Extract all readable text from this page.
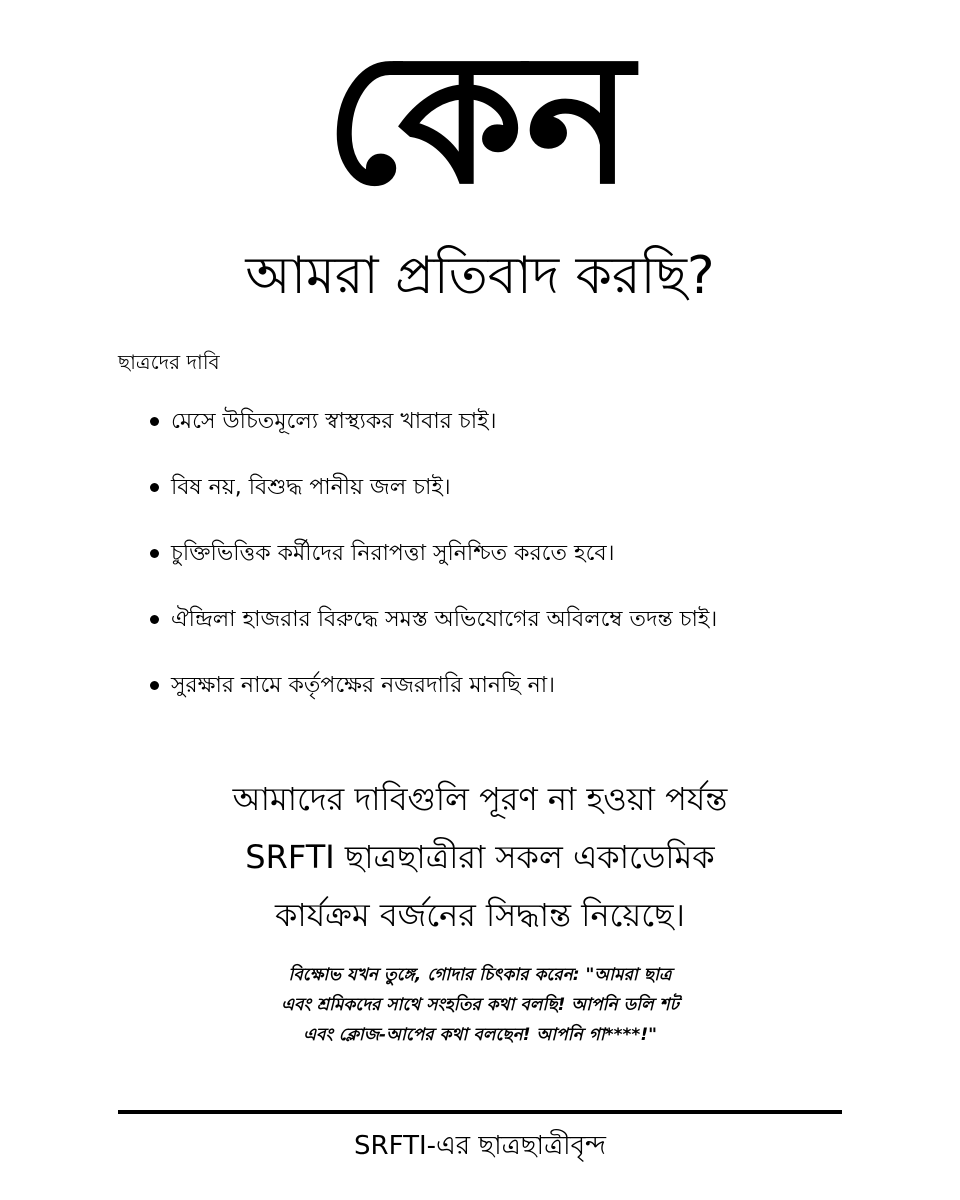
কেন
আমরা প্রতিবাদ করছি?
ছাত্রদের দাবি
মেসে উচিতমূল্যে স্বাস্থ্যকর খাবার চাই।
বিষ নয়, বিশুদ্ধ পানীয় জল চাই।
চুক্তিভিত্তিক কর্মীদের নিরাপত্তা সুনিশ্চিত করতে হবে।
ঐন্দ্রিলা হাজরার বিরুদ্ধে সমস্ত অভিযোগের অবিলম্বে তদন্ত চাই।
সুরক্ষার নামে কর্তৃপক্ষের নজরদারি মানছি না।
আমাদের দাবিগুলি পূরণ না হওয়া পর্যন্ত
SRFTI ছাত্রছাত্রীরা সকল একাডেমিক
কার্যক্রম বর্জনের সিদ্ধান্ত নিয়েছে।
বিক্ষোভ যখন তুঙ্গে, গোদার চিৎকার করেন: "আমরা ছাত্র
এবং শ্রমিকদের সাথে সংহতির কথা বলছি! আপনি ডলি শট
এবং ক্লোজ-আপের কথা বলছেন! আপনি গা****!"
SRFTI-এর ছাত্রছাত্রীবৃন্দ
